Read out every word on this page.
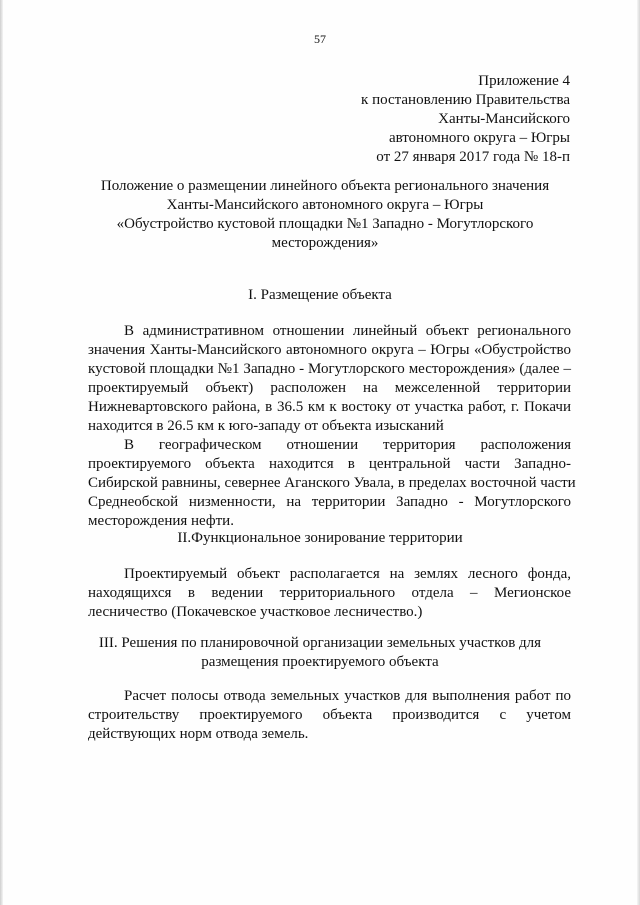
57
Приложение 4
к постановлению Правительства
Ханты-Мансийского
автономного округа – Югры
от 27 января 2017 года № 18-п
Положение о размещении линейного объекта регионального значения
Ханты-Мансийского автономного округа – Югры
«Обустройство кустовой площадки №1 Западно - Могутлорского
месторождения»
I. Размещение объекта
В административном отношении линейный объект регионального
значения Ханты-Мансийского автономного округа – Югры «Обустройство
кустовой площадки №1 Западно - Могутлорского месторождения» (далее –
проектируемый объект) расположен на межселенной территории
Нижневартовского района, в 36.5 км к востоку от участка работ, г. Покачи
находится в 26.5 км к юго-западу от объекта изысканий
В географическом отношении территория расположения
проектируемого объекта находится в центральной части Западно-
Сибирской равнины, севернее Аганского Увала, в пределах восточной части
Среднеобской низменности, на территории Западно - Могутлорского
месторождения нефти.
II.Функциональное зонирование территории
Проектируемый объект располагается на землях лесного фонда,
находящихся в ведении территориального отдела – Мегионское
лесничество (Покачевское участковое лесничество.)
III. Решения по планировочной организации земельных участков для
размещения проектируемого объекта
Расчет полосы отвода земельных участков для выполнения работ по
строительству проектируемого объекта производится с учетом
действующих норм отвода земель.
